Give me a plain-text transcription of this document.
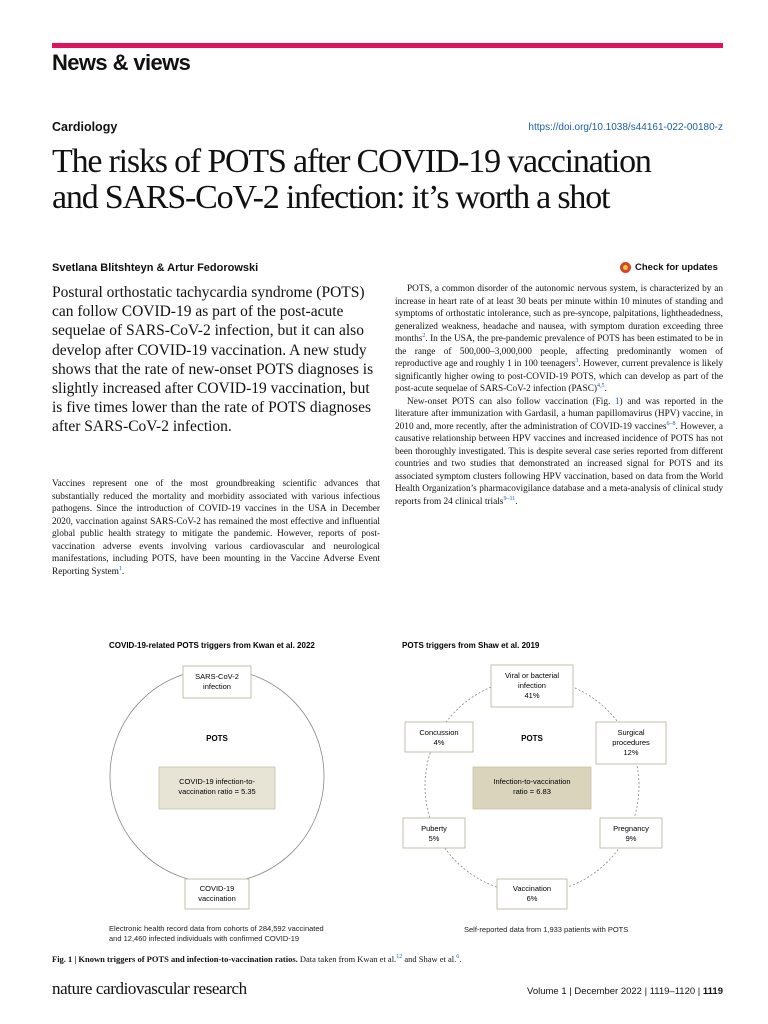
News & views
Cardiology	https://doi.org/10.1038/s44161-022-00180-z
The risks of POTS after COVID-19 vaccination
and SARS-CoV-2 infection: it’s worth a shot
Svetlana Blitshteyn & Artur Fedorowski	Check for updates

Postural orthostatic tachycardia syndrome (POTS) can follow COVID-19 as part of the post-acute sequelae of SARS-CoV-2 infection, but it can also develop after COVID-19 vaccination. A new study shows that the rate of new-onset POTS diagnoses is slightly increased after COVID-19 vaccination, but is five times lower than the rate of POTS diagnoses after SARS-CoV-2 infection.

Vaccines represent one of the most groundbreaking scientific advances that substantially reduced the mortality and morbidity associated with various infectious pathogens. Since the introduction of COVID-19 vaccines in the USA in December 2020, vaccination against SARS-CoV-2 has remained the most effective and influential global public health strategy to mitigate the pandemic. However, reports of post-vaccination adverse events involving various cardiovascular and neurological manifestations, including POTS, have been mounting in the Vaccine Adverse Event Reporting System$^1$.

POTS, a common disorder of the autonomic nervous system, is characterized by an increase in heart rate of at least 30 beats per minute within 10 minutes of standing and symptoms of orthostatic intolerance, such as pre-syncope, palpitations, lightheadedness, generalized weakness, headache and nausea, with symptom duration exceeding three months$^2$. In the USA, the pre-pandemic prevalence of POTS has been estimated to be in the range of 500,000–3,000,000 people, affecting predominantly women of reproductive age and roughly 1 in 100 teenagers$^3$. However, current prevalence is likely significantly higher owing to post-COVID-19 POTS, which can develop as part of the post-acute sequelae of SARS-CoV-2 infection (PASC)$^{4,5}$.

New-onset POTS can also follow vaccination (Fig. 1) and was reported in the literature after immunization with Gardasil, a human papillomavirus (HPV) vaccine, in 2010 and, more recently, after the administration of COVID-19 vaccines$^{6-8}$. However, a causative relationship between HPV vaccines and increased incidence of POTS has not been thoroughly investigated. This is despite several case series reported from different countries and two studies that demonstrated an increased signal for POTS and its associated symptom clusters following HPV vaccination, based on data from the World Health Organization’s pharmacovigilance database and a meta-analysis of clinical study reports from 24 clinical trials$^{9-11}$.

COVID-19-related POTS triggers from Kwan et al. 2022
SARS-CoV-2
infection
POTS
COVID-19 infection-to-
vaccination ratio = 5.35
COVID-19
vaccination
Electronic health record data from cohorts of 284,592 vaccinated
and 12,460 infected individuals with confirmed COVID-19
POTS triggers from Shaw et al. 2019
POTS
Infection-to-vaccination
ratio = 6.83
Viral or bacterial
infection
41%
Surgical
procedures
12%
Pregnancy
9%
Vaccination
6%
Puberty
5%
Concussion
4%
Self-reported data from 1,933 patients with POTS
Fig. 1 | Known triggers of POTS and infection-to-vaccination ratios. Data taken from Kwan et al.$^{12}$ and Shaw et al.$^6$.
nature cardiovascular research	Volume 1 | December 2022 | 1119–1120 | 1119
